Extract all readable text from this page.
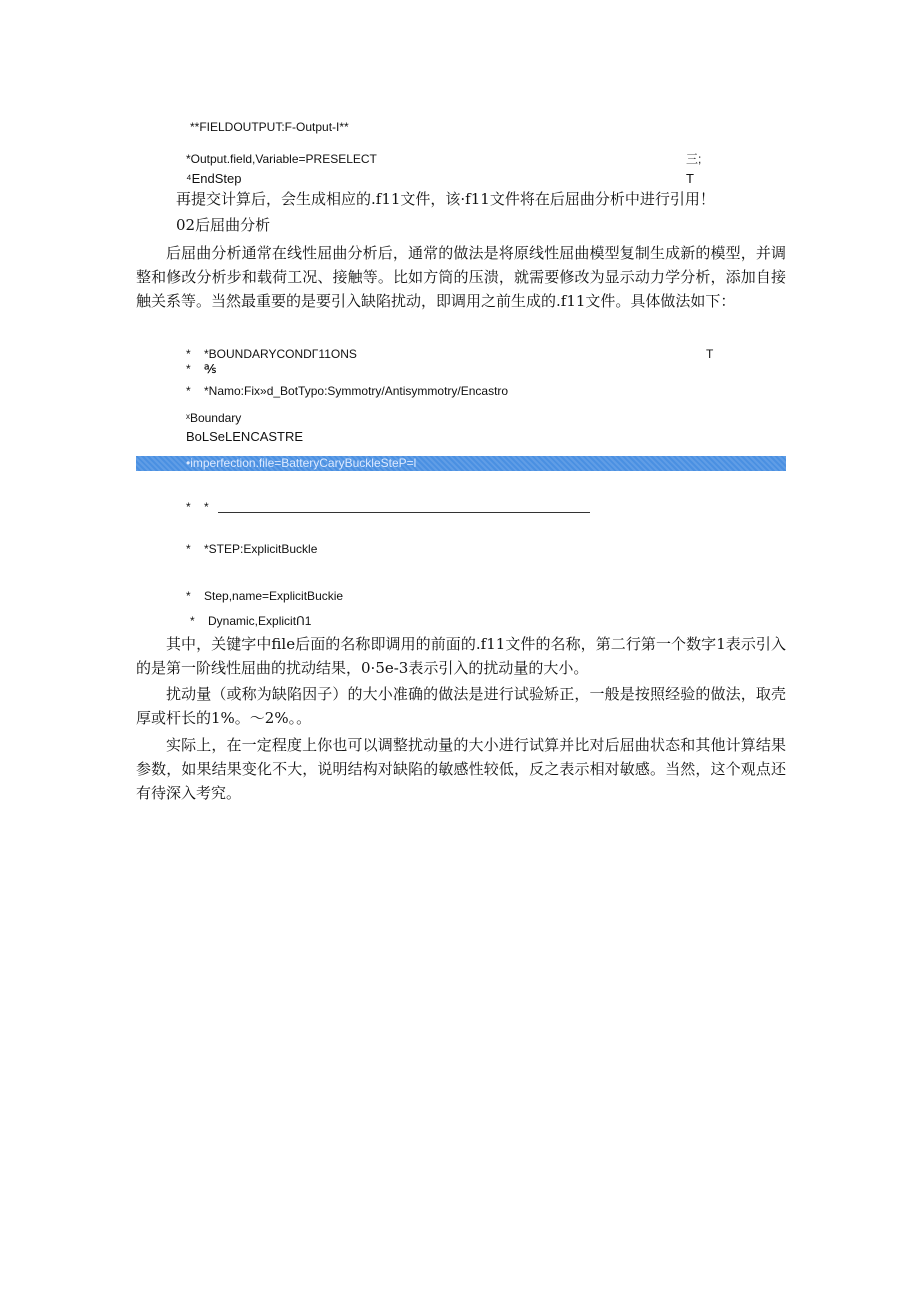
**FIELDOUTPUT:F-Output-I**
*Output.field,Variable=PRESELECT	三;
⁴EndStep	T
再提交计算后，会生成相应的.f11文件，该·f11文件将在后屈曲分析中进行引用！
02后屈曲分析

后屈曲分析通常在线性屈曲分析后，通常的做法是将原线性屈曲模型复制生成新的模型，并调整和修改分析步和载荷工况、接触等。比如方筒的压溃，就需要修改为显示动力学分析，添加自接触关系等。当然最重要的是要引入缺陷扰动，即调用之前生成的.f11文件。具体做法如下：

*    *BOUNDARYCONDΓ11ONS	T
*    ℁
*    *Namo:Fix»d_BotTypo:Symmotry/Antisymmotry/Encastro
ˣBoundary
BoLSeLENCASTRE
•imperfection.file=BatteryCaryBuckleSteP=l
*    *
*    *STEP:ExplicitBuckle
*    Step,name=ExplicitBuckie
*    Dynamic,ExplicitՈ1

其中，关键字中file后面的名称即调用的前面的.f11文件的名称，第二行第一个数字1表示引入的是第一阶线性屈曲的扰动结果，0·5e-3表示引入的扰动量的大小。

扰动量（或称为缺陷因子）的大小准确的做法是进行试验矫正，一般是按照经验的做法，取壳厚或杆长的1%。～2%。。

实际上，在一定程度上你也可以调整扰动量的大小进行试算并比对后屈曲状态和其他计算结果参数，如果结果变化不大，说明结构对缺陷的敏感性较低，反之表示相对敏感。当然，这个观点还有待深入考究。
